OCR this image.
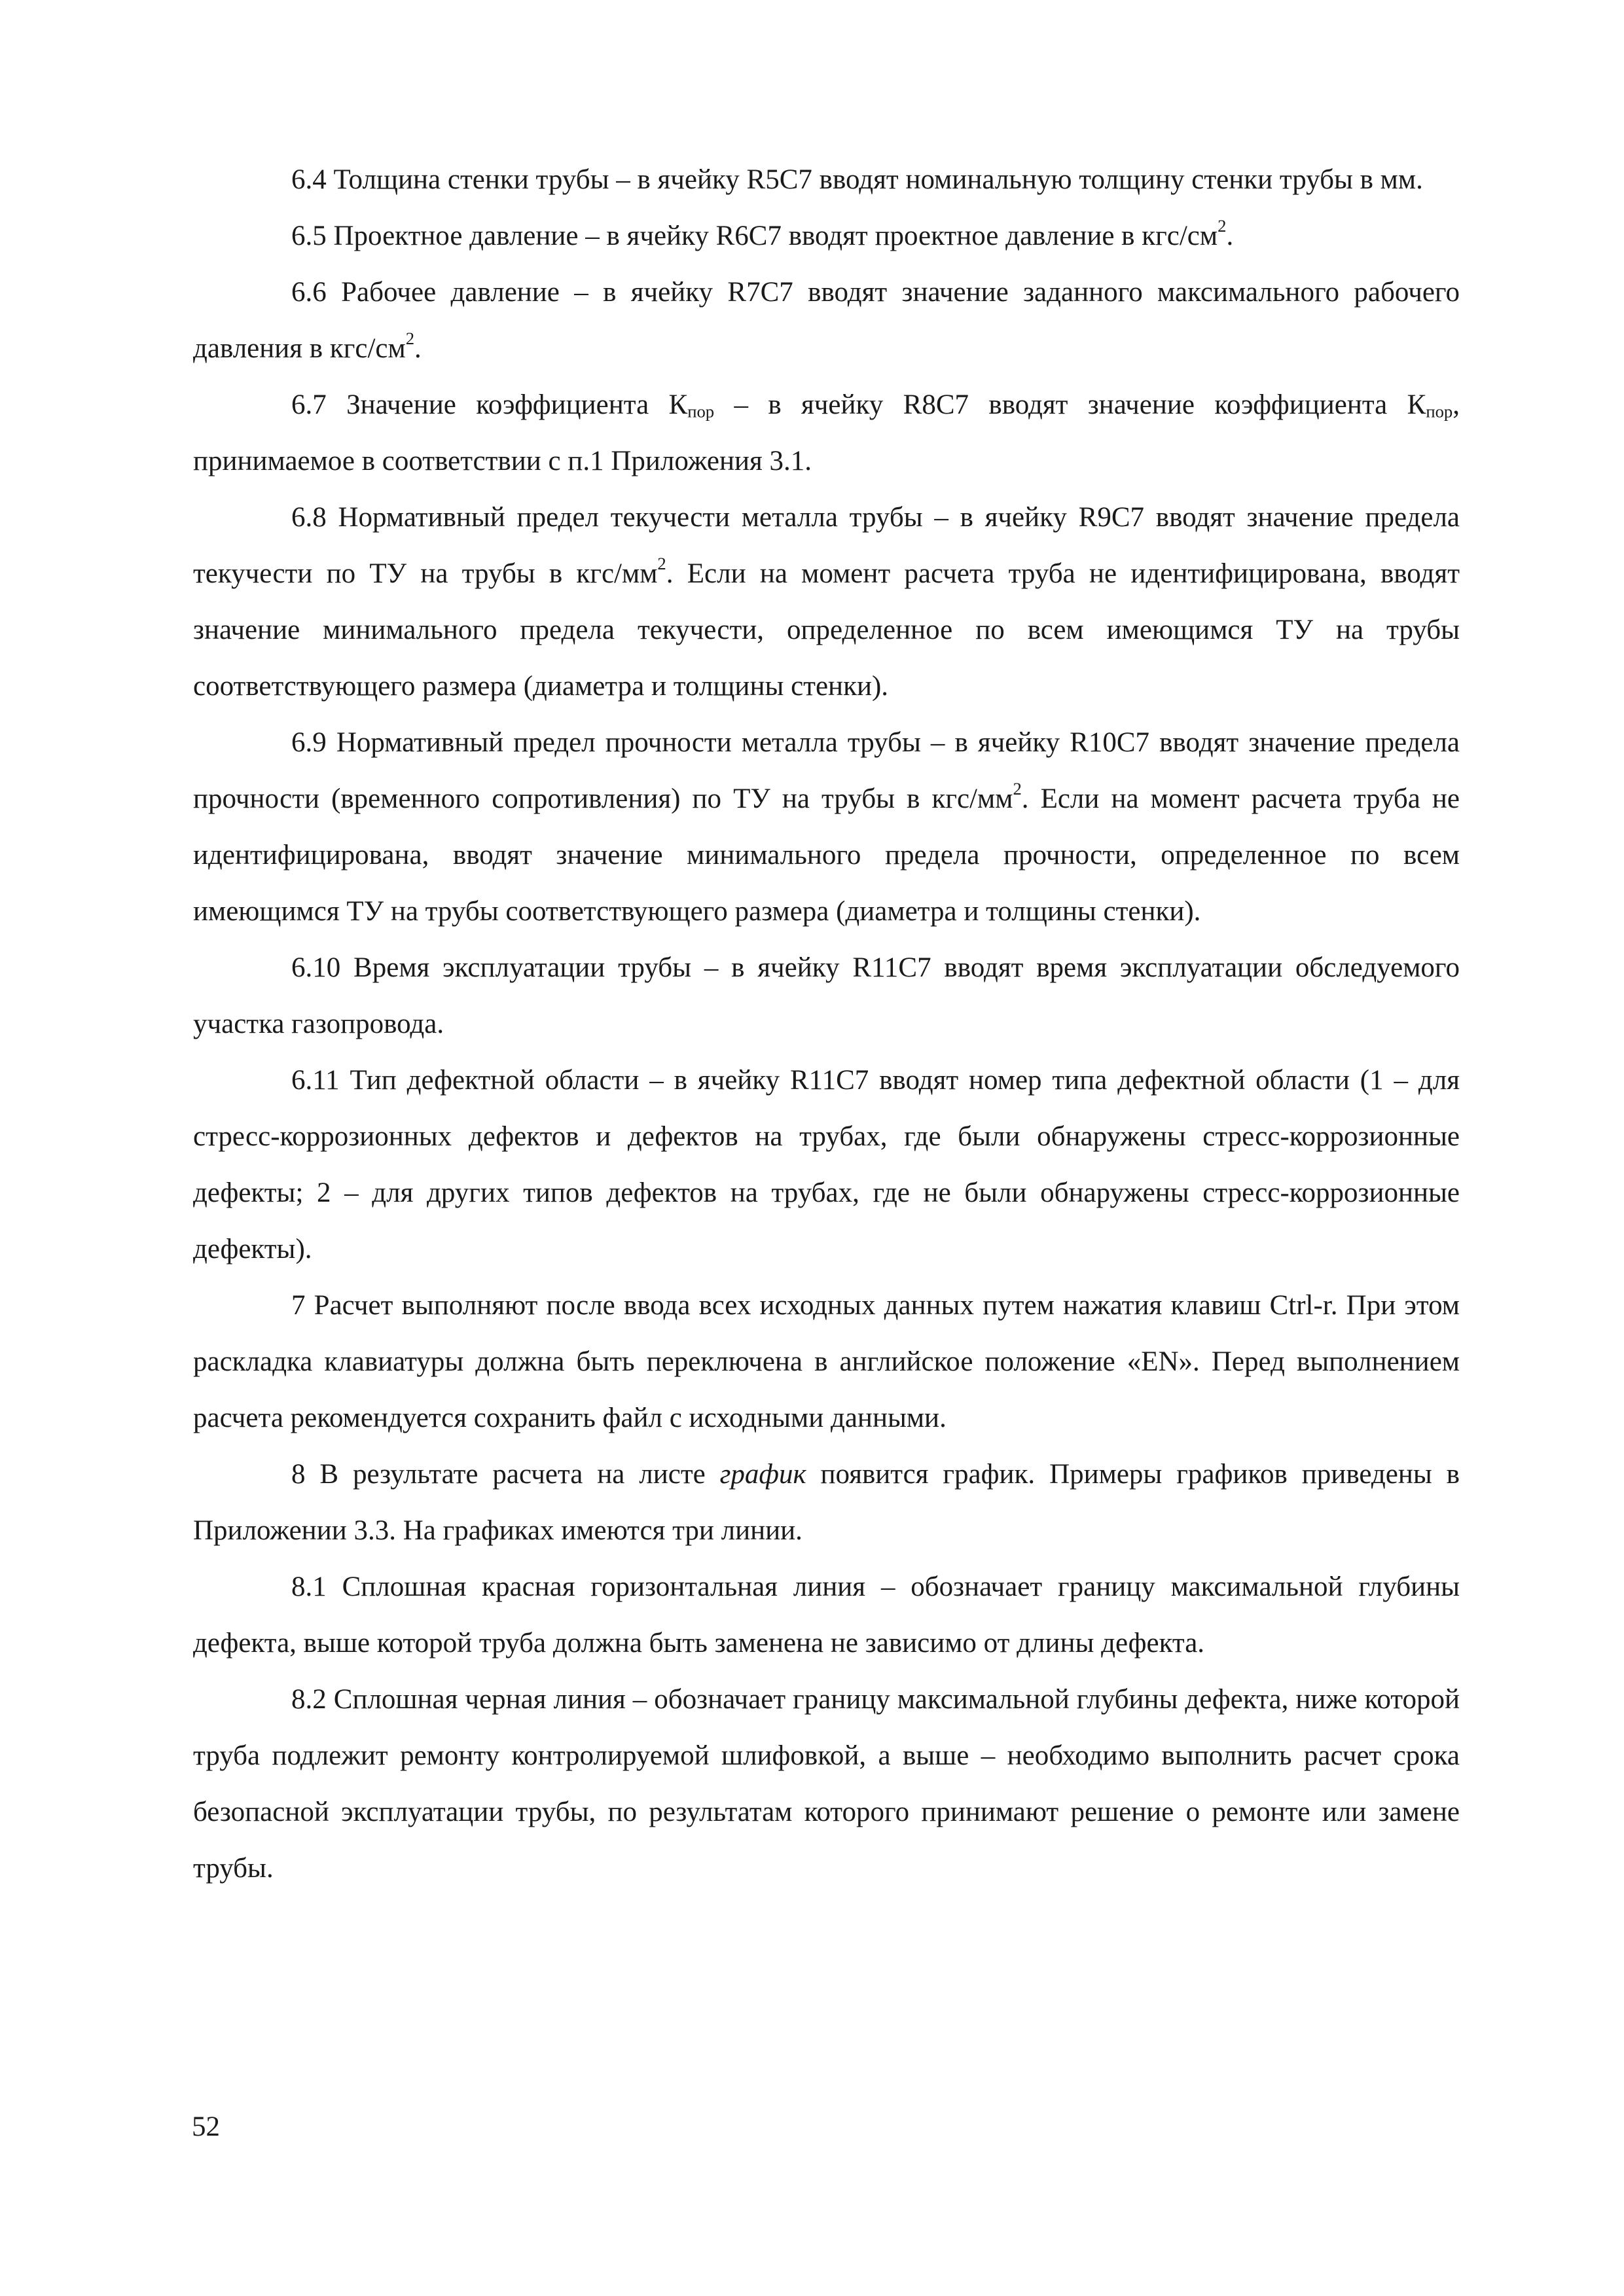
6.4 Толщина стенки трубы – в ячейку R5C7 вводят номинальную толщину стенки трубы в мм.

6.5 Проектное давление – в ячейку R6C7 вводят проектное давление в кгс/$см^2$.

6.6 Рабочее давление – в ячейку R7C7 вводят значение заданного максимального рабочего давления в кгс/$см^2$.

6.7 Значение коэффициента $К_{пор}$ – в ячейку R8C7 вводят значение коэффициента $К_{пор}$, принимаемое в соответствии с п.1 Приложения 3.1.

6.8 Нормативный предел текучести металла трубы – в ячейку R9C7 вводят значение предела текучести по ТУ на трубы в кгс/$мм^2$. Если на момент расчета труба не идентифицирована, вводят значение минимального предела текучести, определенное по всем имеющимся ТУ на трубы соответствующего размера (диаметра и толщины стенки).

6.9 Нормативный предел прочности металла трубы – в ячейку R10C7 вводят значение предела прочности (временного сопротивления) по ТУ на трубы в кгс/$мм^2$. Если на момент расчета труба не идентифицирована, вводят значение минимального предела прочности, определенное по всем имеющимся ТУ на трубы соответствующего размера (диаметра и толщины стенки).

6.10 Время эксплуатации трубы – в ячейку R11C7 вводят время эксплуатации обследуемого участка газопровода.

6.11 Тип дефектной области – в ячейку R11C7 вводят номер типа дефектной области (1 – для стресс-коррозионных дефектов и дефектов на трубах, где были обнаружены стресс-коррозионные дефекты; 2 – для других типов дефектов на трубах, где не были обнаружены стресс-коррозионные дефекты).

7 Расчет выполняют после ввода всех исходных данных путем нажатия клавиш Ctrl-r. При этом раскладка клавиатуры должна быть переключена в английское положение «EN». Перед выполнением расчета рекомендуется сохранить файл с исходными данными.

8 В результате расчета на листе график появится график. Примеры графиков приведены в Приложении 3.3. На графиках имеются три линии.

8.1 Сплошная красная горизонтальная линия – обозначает границу максимальной глубины дефекта, выше которой труба должна быть заменена не зависимо от длины дефекта.

8.2 Сплошная черная линия – обозначает границу максимальной глубины дефекта, ниже которой труба подлежит ремонту контролируемой шлифовкой, а выше – необходимо выполнить расчет срока безопасной эксплуатации трубы, по результатам которого принимают решение о ремонте или замене трубы.

52
